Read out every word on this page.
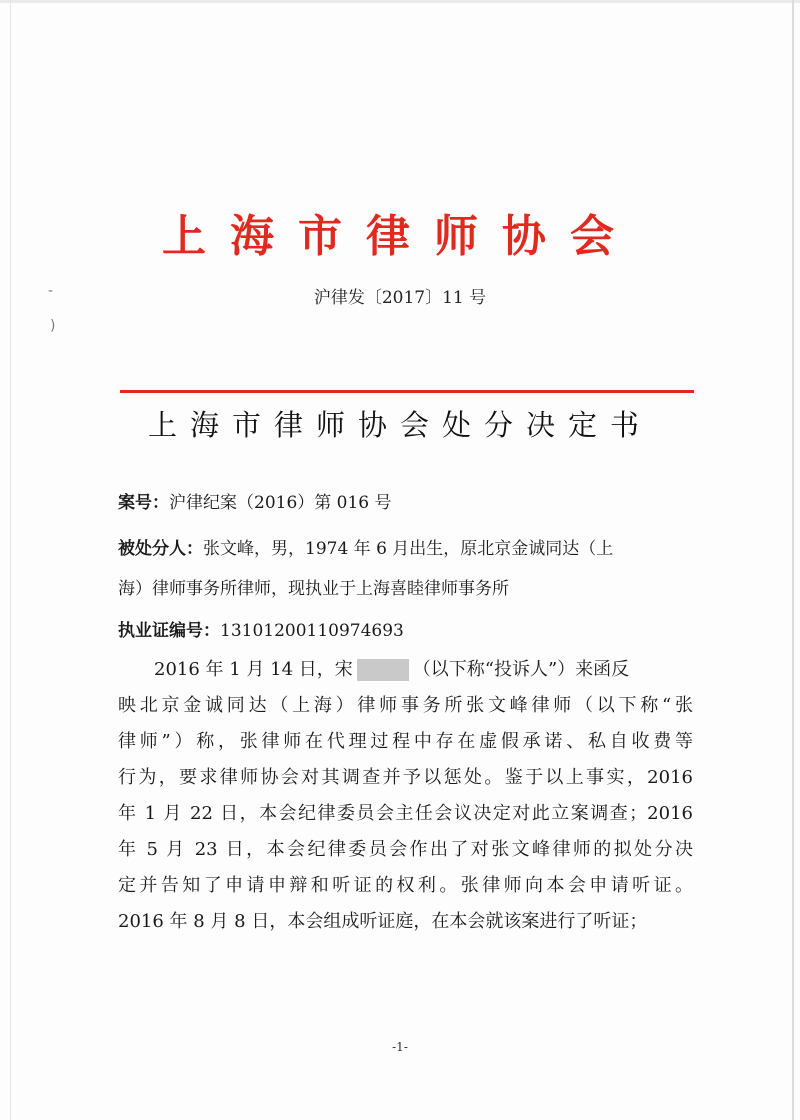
-
)
上海市律师协会
沪律发〔2017〕11 号
上海市律师协会处分决定书
案号：沪律纪案（2016）第 016 号
被处分人：张文峰，男，1974 年 6 月出生，原北京金诚同达（上
海）律师事务所律师，现执业于上海喜睦律师事务所
执业证编号：13101200110974693
2016 年 1 月 14 日，宋	（以下称“投诉人”）来函反
映北京金诚同达（上海）律师事务所张文峰律师（以下称“张
律师”）称，张律师在代理过程中存在虚假承诺、私自收费等
行为，要求律师协会对其调查并予以惩处。鉴于以上事实，2016
年 1 月 22 日，本会纪律委员会主任会议决定对此立案调查；2016
年 5 月 23 日，本会纪律委员会作出了对张文峰律师的拟处分决
定并告知了申请申辩和听证的权利。张律师向本会申请听证。
2016 年 8 月 8 日，本会组成听证庭，在本会就该案进行了听证；
-1-
